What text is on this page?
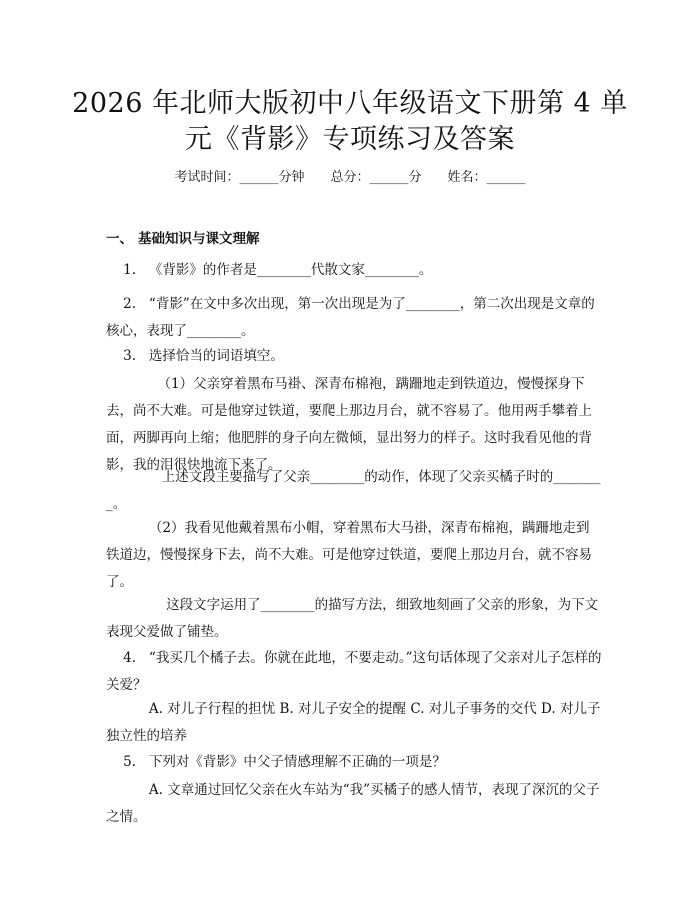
2026 年北师大版初中八年级语文下册第 4 单
元《背影》专项练习及答案
考试时间：______分钟 总分：______分 姓名：______
一、 基础知识与课文理解
1.   《背影》的作者是________代散文家________。
2.   “背影”在文中多次出现，第一次出现是为了________，第二次出现是文章的核心，表现了________。
3.   选择恰当的词语填空。
（1）父亲穿着黑布马褂、深青布棉袍，蹒跚地走到铁道边，慢慢探身下去，尚不大难。可是他穿过铁道，要爬上那边月台，就不容易了。他用两手攀着上面，两脚再向上缩；他肥胖的身子向左微倾，显出努力的样子。这时我看见他的背影，我的泪很快地流下来了。
上述文段主要描写了父亲________的动作，体现了父亲买橘子时的________。
（2）我看见他戴着黑布小帽，穿着黑布大马褂，深青布棉袍，蹒跚地走到铁道边，慢慢探身下去，尚不大难。可是他穿过铁道，要爬上那边月台，就不容易了。
这段文字运用了________的描写方法，细致地刻画了父亲的形象，为下文表现父爱做了铺垫。
4.   “我买几个橘子去。你就在此地，不要走动。”这句话体现了父亲对儿子怎样的关爱？
A. 对儿子行程的担忧 B. 对儿子安全的提醒 C. 对儿子事务的交代 D. 对儿子独立性的培养
5.   下列对《背影》中父子情感理解不正确的一项是？
A. 文章通过回忆父亲在火车站为“我”买橘子的感人情节，表现了深沉的父子之情。
